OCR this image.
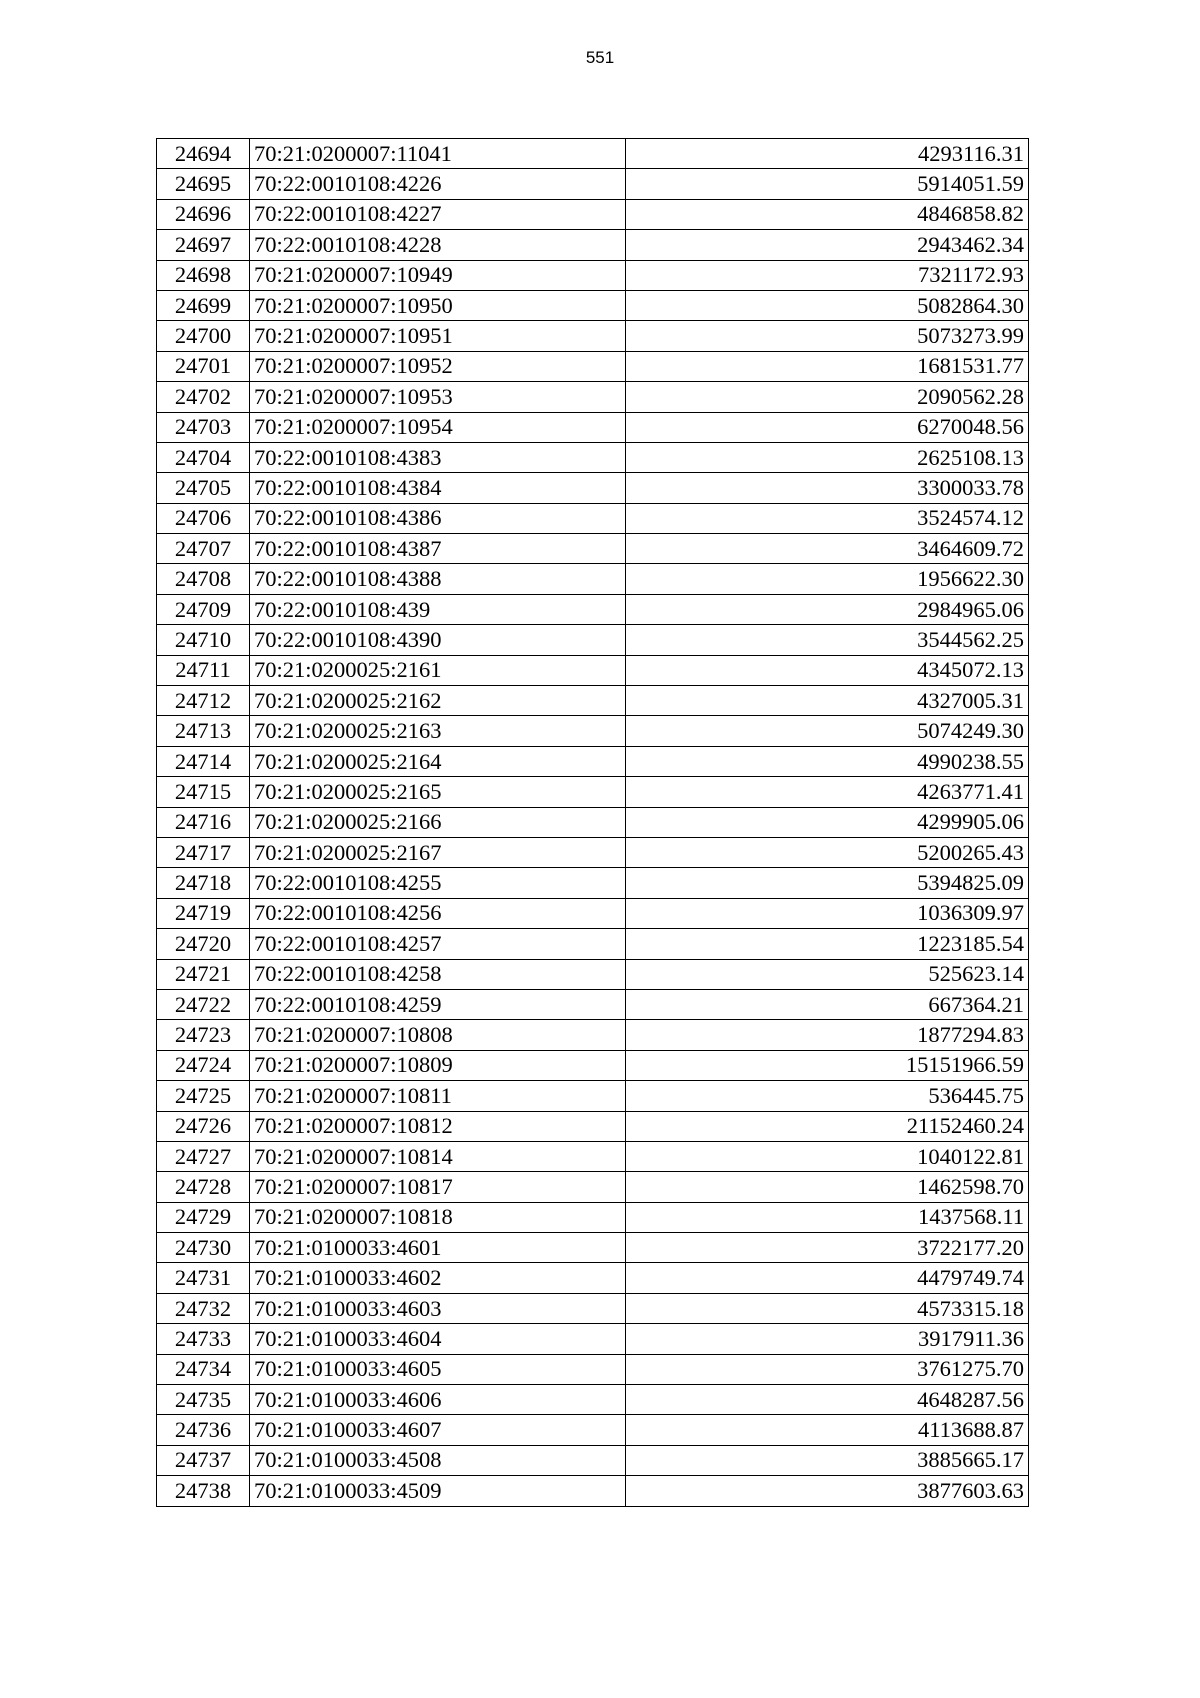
551
24694	70:21:0200007:11041	4293116.31
24695	70:22:0010108:4226	5914051.59
24696	70:22:0010108:4227	4846858.82
24697	70:22:0010108:4228	2943462.34
24698	70:21:0200007:10949	7321172.93
24699	70:21:0200007:10950	5082864.30
24700	70:21:0200007:10951	5073273.99
24701	70:21:0200007:10952	1681531.77
24702	70:21:0200007:10953	2090562.28
24703	70:21:0200007:10954	6270048.56
24704	70:22:0010108:4383	2625108.13
24705	70:22:0010108:4384	3300033.78
24706	70:22:0010108:4386	3524574.12
24707	70:22:0010108:4387	3464609.72
24708	70:22:0010108:4388	1956622.30
24709	70:22:0010108:439	2984965.06
24710	70:22:0010108:4390	3544562.25
24711	70:21:0200025:2161	4345072.13
24712	70:21:0200025:2162	4327005.31
24713	70:21:0200025:2163	5074249.30
24714	70:21:0200025:2164	4990238.55
24715	70:21:0200025:2165	4263771.41
24716	70:21:0200025:2166	4299905.06
24717	70:21:0200025:2167	5200265.43
24718	70:22:0010108:4255	5394825.09
24719	70:22:0010108:4256	1036309.97
24720	70:22:0010108:4257	1223185.54
24721	70:22:0010108:4258	525623.14
24722	70:22:0010108:4259	667364.21
24723	70:21:0200007:10808	1877294.83
24724	70:21:0200007:10809	15151966.59
24725	70:21:0200007:10811	536445.75
24726	70:21:0200007:10812	21152460.24
24727	70:21:0200007:10814	1040122.81
24728	70:21:0200007:10817	1462598.70
24729	70:21:0200007:10818	1437568.11
24730	70:21:0100033:4601	3722177.20
24731	70:21:0100033:4602	4479749.74
24732	70:21:0100033:4603	4573315.18
24733	70:21:0100033:4604	3917911.36
24734	70:21:0100033:4605	3761275.70
24735	70:21:0100033:4606	4648287.56
24736	70:21:0100033:4607	4113688.87
24737	70:21:0100033:4508	3885665.17
24738	70:21:0100033:4509	3877603.63
